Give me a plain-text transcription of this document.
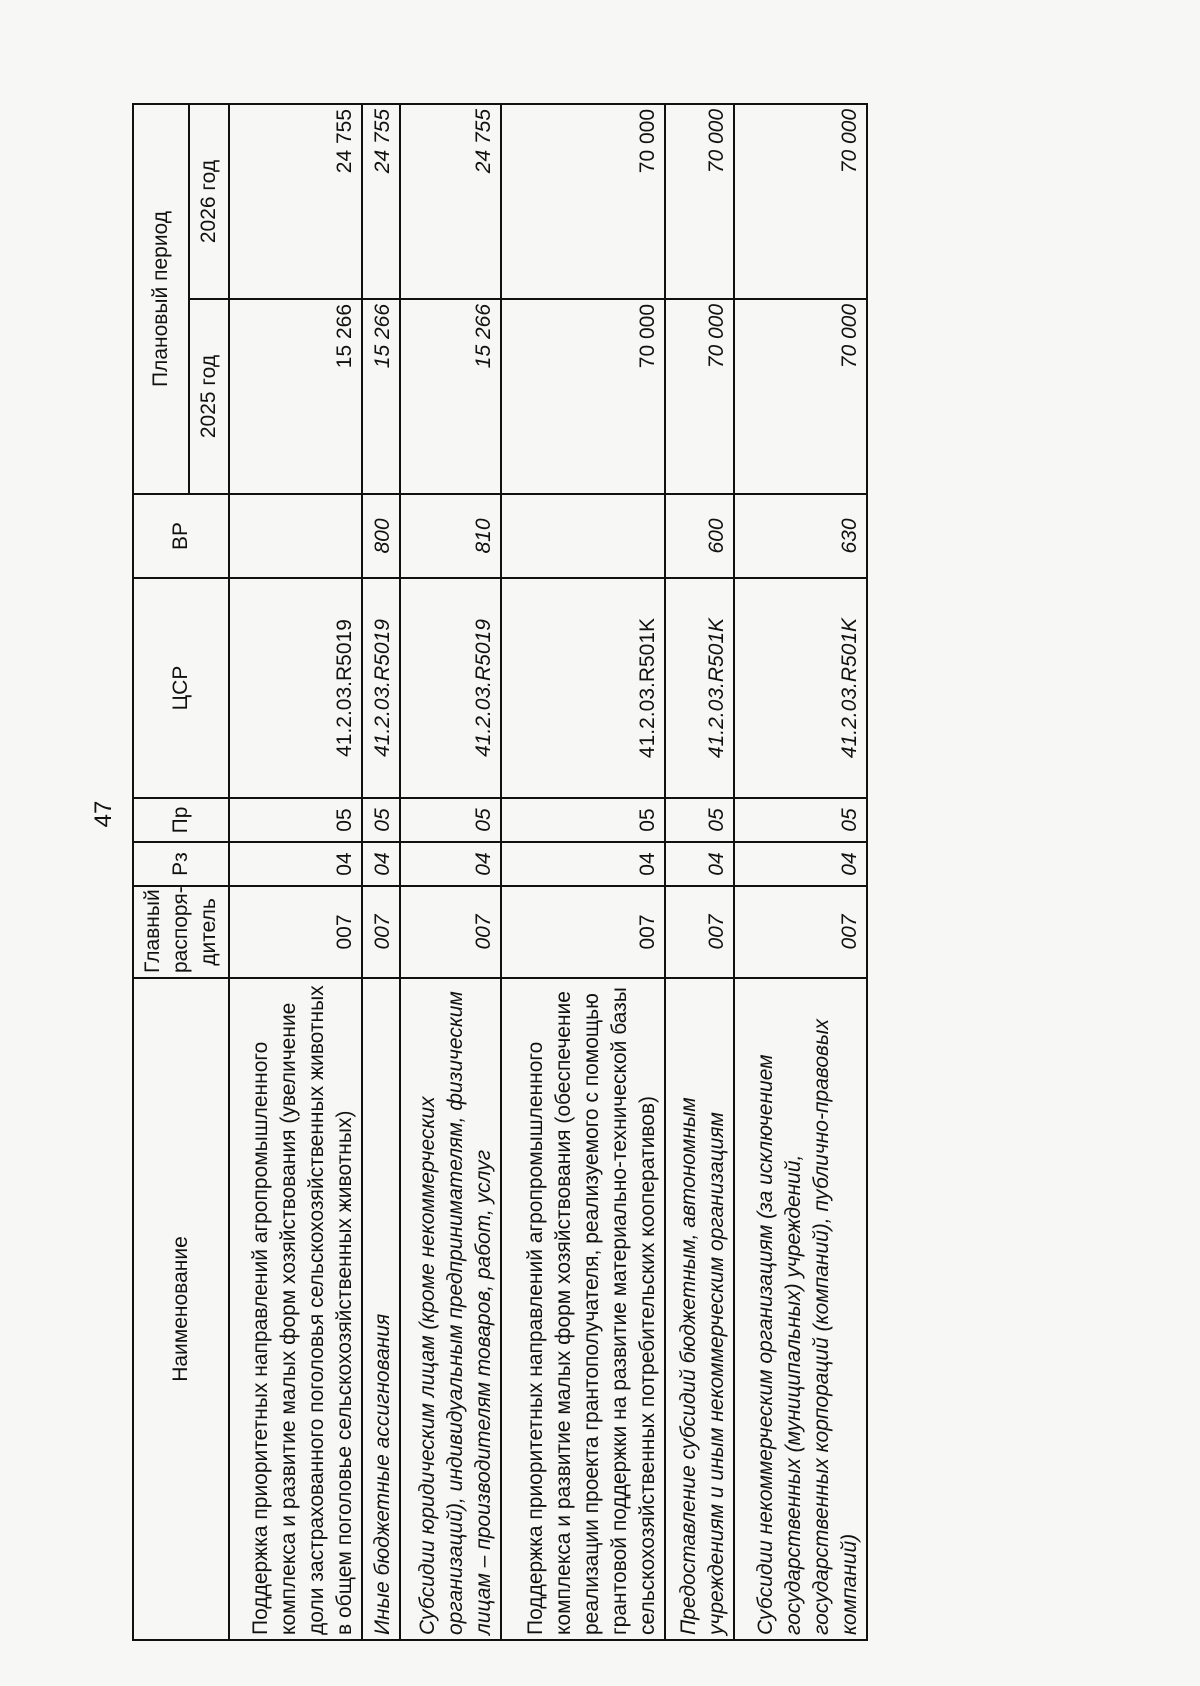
47
Наименование	Главный распоря- дитель	Рз	Пр	ЦСР	ВР	Плановый период	
						2025 год	2026 год
Поддержка приоритетных направлений агропромышленного комплекса и развитие малых форм хозяйствования (увеличение доли застрахованного поголовья сельскохозяйственных животных в общем поголовье сельскохозяйственных животных)	007	04	05	41.2.03.R5019		15 266	24 755
Иные бюджетные ассигнования	007	04	05	41.2.03.R5019	800	15 266	24 755
Субсидии юридическим лицам (кроме некоммерческих организаций), индивидуальным предпринимателям, физическим лицам – производителям товаров, работ, услуг	007	04	05	41.2.03.R5019	810	15 266	24 755
Поддержка приоритетных направлений агропромышленного комплекса и развитие малых форм хозяйствования (обеспечение реализации проекта грантополучателя, реализуемого с помощью грантовой поддержки на развитие материально-технической базы сельскохозяйственных потребительских кооперативов)	007	04	05	41.2.03.R501K		70 000	70 000
Предоставление субсидий бюджетным, автономным учреждениям и иным некоммерческим организациям	007	04	05	41.2.03.R501K	600	70 000	70 000
Субсидии некоммерческим организациям (за исключением государственных (муниципальных) учреждений, государственных корпораций (компаний), публично-правовых компаний)	007	04	05	41.2.03.R501K	630	70 000	70 000
